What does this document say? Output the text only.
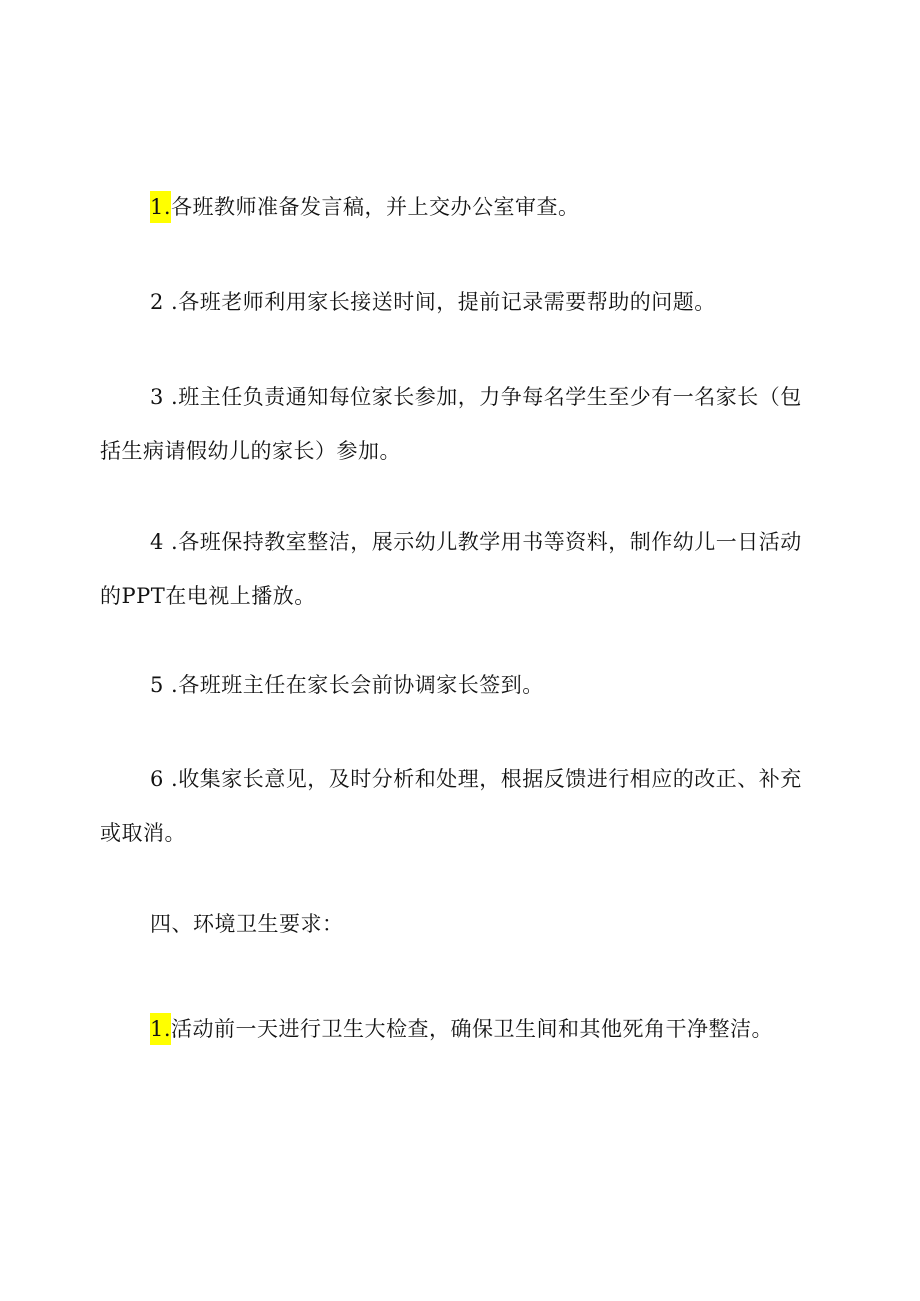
1.各班教师准备发言稿，并上交办公室审查。

2 .各班老师利用家长接送时间，提前记录需要帮助的问题。

3 .班主任负责通知每位家长参加，力争每名学生至少有一名家长（包括生病请假幼儿的家长）参加。

4 .各班保持教室整洁，展示幼儿教学用书等资料，制作幼儿一日活动的PPT在电视上播放。

5 .各班班主任在家长会前协调家长签到。

6 .收集家长意见，及时分析和处理，根据反馈进行相应的改正、补充或取消。

四、环境卫生要求：

1.活动前一天进行卫生大检查，确保卫生间和其他死角干净整洁。
